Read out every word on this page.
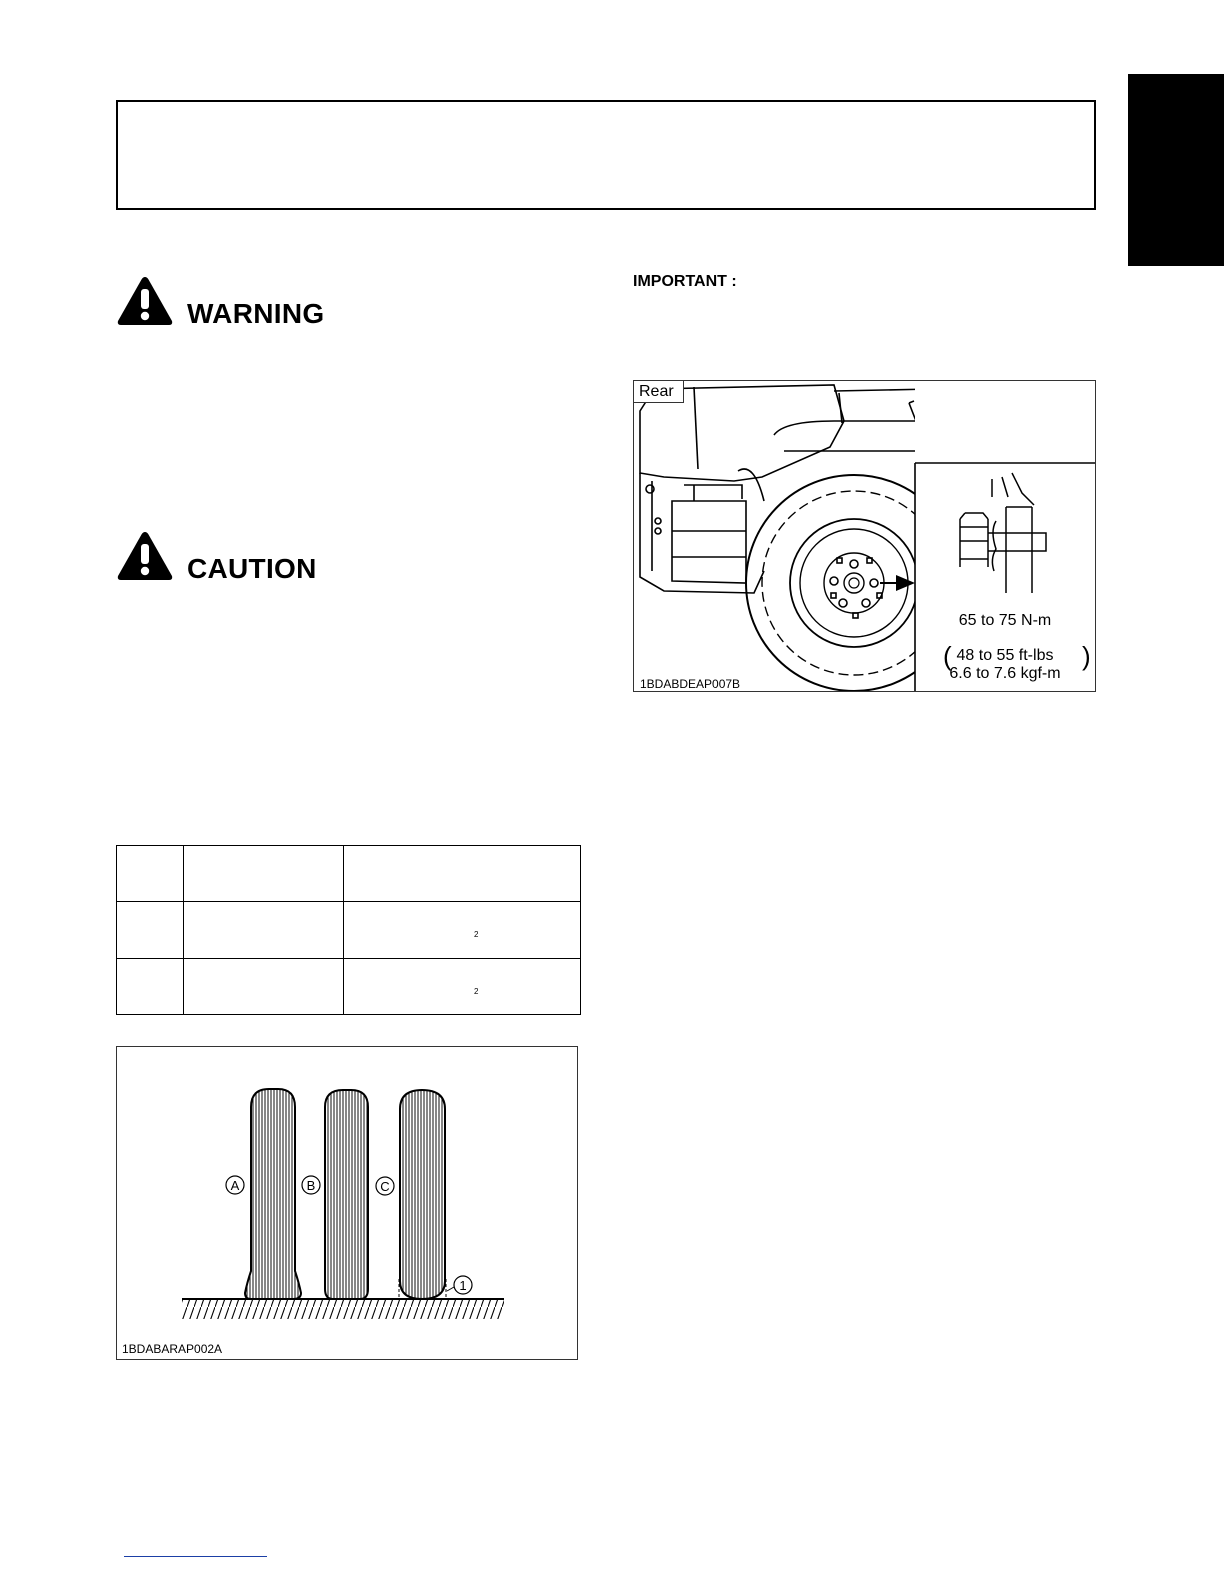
WARNING
CAUTION
IMPORTANT :

		2

		2
A	B	C
1
1BDABARAP002A
(	)
Rear
65 to 75 N-m
48 to 55 ft-lbs
6.6 to 7.6 kgf-m
1BDABDEAP007B
